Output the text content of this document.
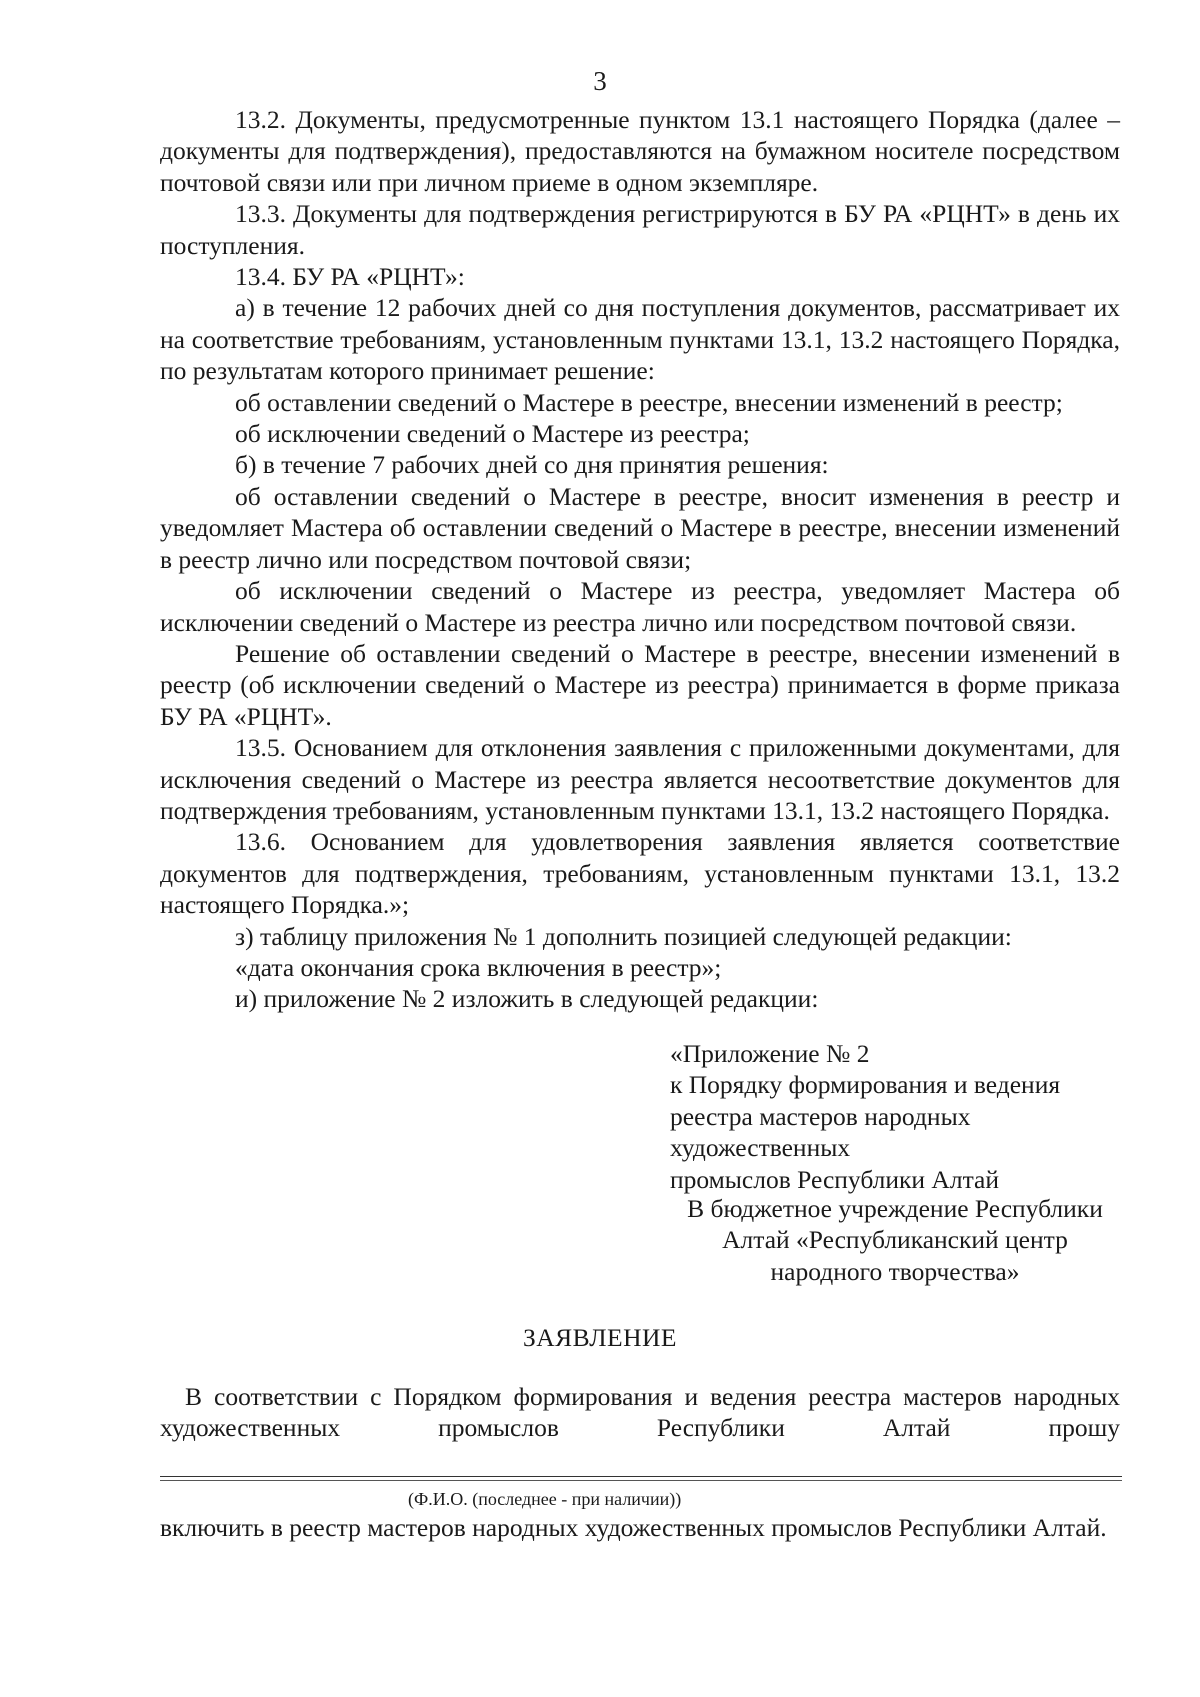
3

13.2. Документы, предусмотренные пунктом 13.1 настоящего Порядка (далее – документы для подтверждения), предоставляются на бумажном носителе посредством почтовой связи или при личном приеме в одном экземпляре.

13.3. Документы для подтверждения регистрируются в БУ РА «РЦНТ» в день их поступления.

13.4. БУ РА «РЦНТ»:

а) в течение 12 рабочих дней со дня поступления документов, рассматривает их на соответствие требованиям, установленным пунктами 13.1, 13.2 настоящего Порядка, по результатам которого принимает решение:

об оставлении сведений о Мастере в реестре, внесении изменений в реестр;

об исключении сведений о Мастере из реестра;

б) в течение 7 рабочих дней со дня принятия решения:

об оставлении сведений о Мастере в реестре, вносит изменения в реестр и уведомляет Мастера об оставлении сведений о Мастере в реестре, внесении изменений в реестр лично или посредством почтовой связи;

об исключении сведений о Мастере из реестра, уведомляет Мастера об исключении сведений о Мастере из реестра лично или посредством почтовой связи.

Решение об оставлении сведений о Мастере в реестре, внесении изменений в реестр (об исключении сведений о Мастере из реестра) принимается в форме приказа БУ РА «РЦНТ».

13.5. Основанием для отклонения заявления с приложенными документами, для исключения сведений о Мастере из реестра является несоответствие документов для подтверждения требованиям, установленным пунктами 13.1, 13.2 настоящего Порядка.

13.6. Основанием для удовлетворения заявления является соответствие документов для подтверждения, требованиям, установленным пунктами 13.1, 13.2 настоящего Порядка.»;

з) таблицу приложения № 1 дополнить позицией следующей редакции:

«дата окончания срока включения в реестр»;

и) приложение № 2 изложить в следующей редакции:

«Приложение № 2

к Порядку формирования и ведения

реестра мастеров народных

художественных

промыслов Республики Алтай

В бюджетное учреждение Республики

Алтай «Республиканский центр

народного творчества»

ЗАЯВЛЕНИЕ

В соответствии с Порядком формирования и ведения реестра мастеров народных художественных промыслов Республики Алтай прошу

(Ф.И.О. (последнее - при наличии))

включить в реестр мастеров народных художественных промыслов Республики Алтай.
